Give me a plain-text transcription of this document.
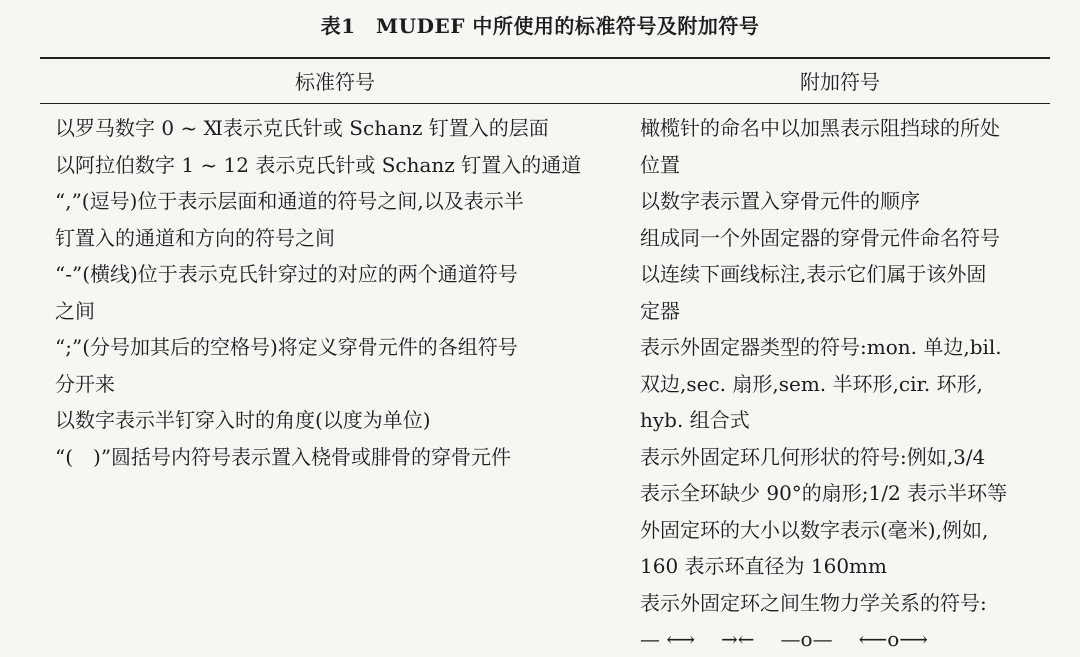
表1　MUDEF 中所使用的标准符号及附加符号
标准符号	附加符号
以罗马数字 0 ~ Ⅺ表示克氏针或 Schanz 钉置入的层面
以阿拉伯数字 1 ~ 12 表示克氏针或 Schanz 钉置入的通道
“,”(逗号)位于表示层面和通道的符号之间,以及表示半
钉置入的通道和方向的符号之间
“-”(横线)位于表示克氏针穿过的对应的两个通道符号
之间
“;”(分号加其后的空格号)将定义穿骨元件的各组符号
分开来
以数字表示半钉穿入时的角度(以度为单位)
“(　)”圆括号内符号表示置入桡骨或腓骨的穿骨元件
橄榄针的命名中以加黑表示阻挡球的所处
位置
以数字表示置入穿骨元件的顺序
组成同一个外固定器的穿骨元件命名符号
以连续下画线标注,表示它们属于该外固
定器
表示外固定器类型的符号:mon. 单边,bil.
双边,sec. 扇形,sem. 半环形,cir. 环形,
hyb. 组合式
表示外固定环几何形状的符号:例如,3/4
表示全环缺少 90°的扇形;1/2 表示半环等
外固定环的大小以数字表示(毫米),例如,
160 表示环直径为 160mm
表示外固定环之间生物力学关系的符号:
— ⟷ →← —o— ⟵o⟶
